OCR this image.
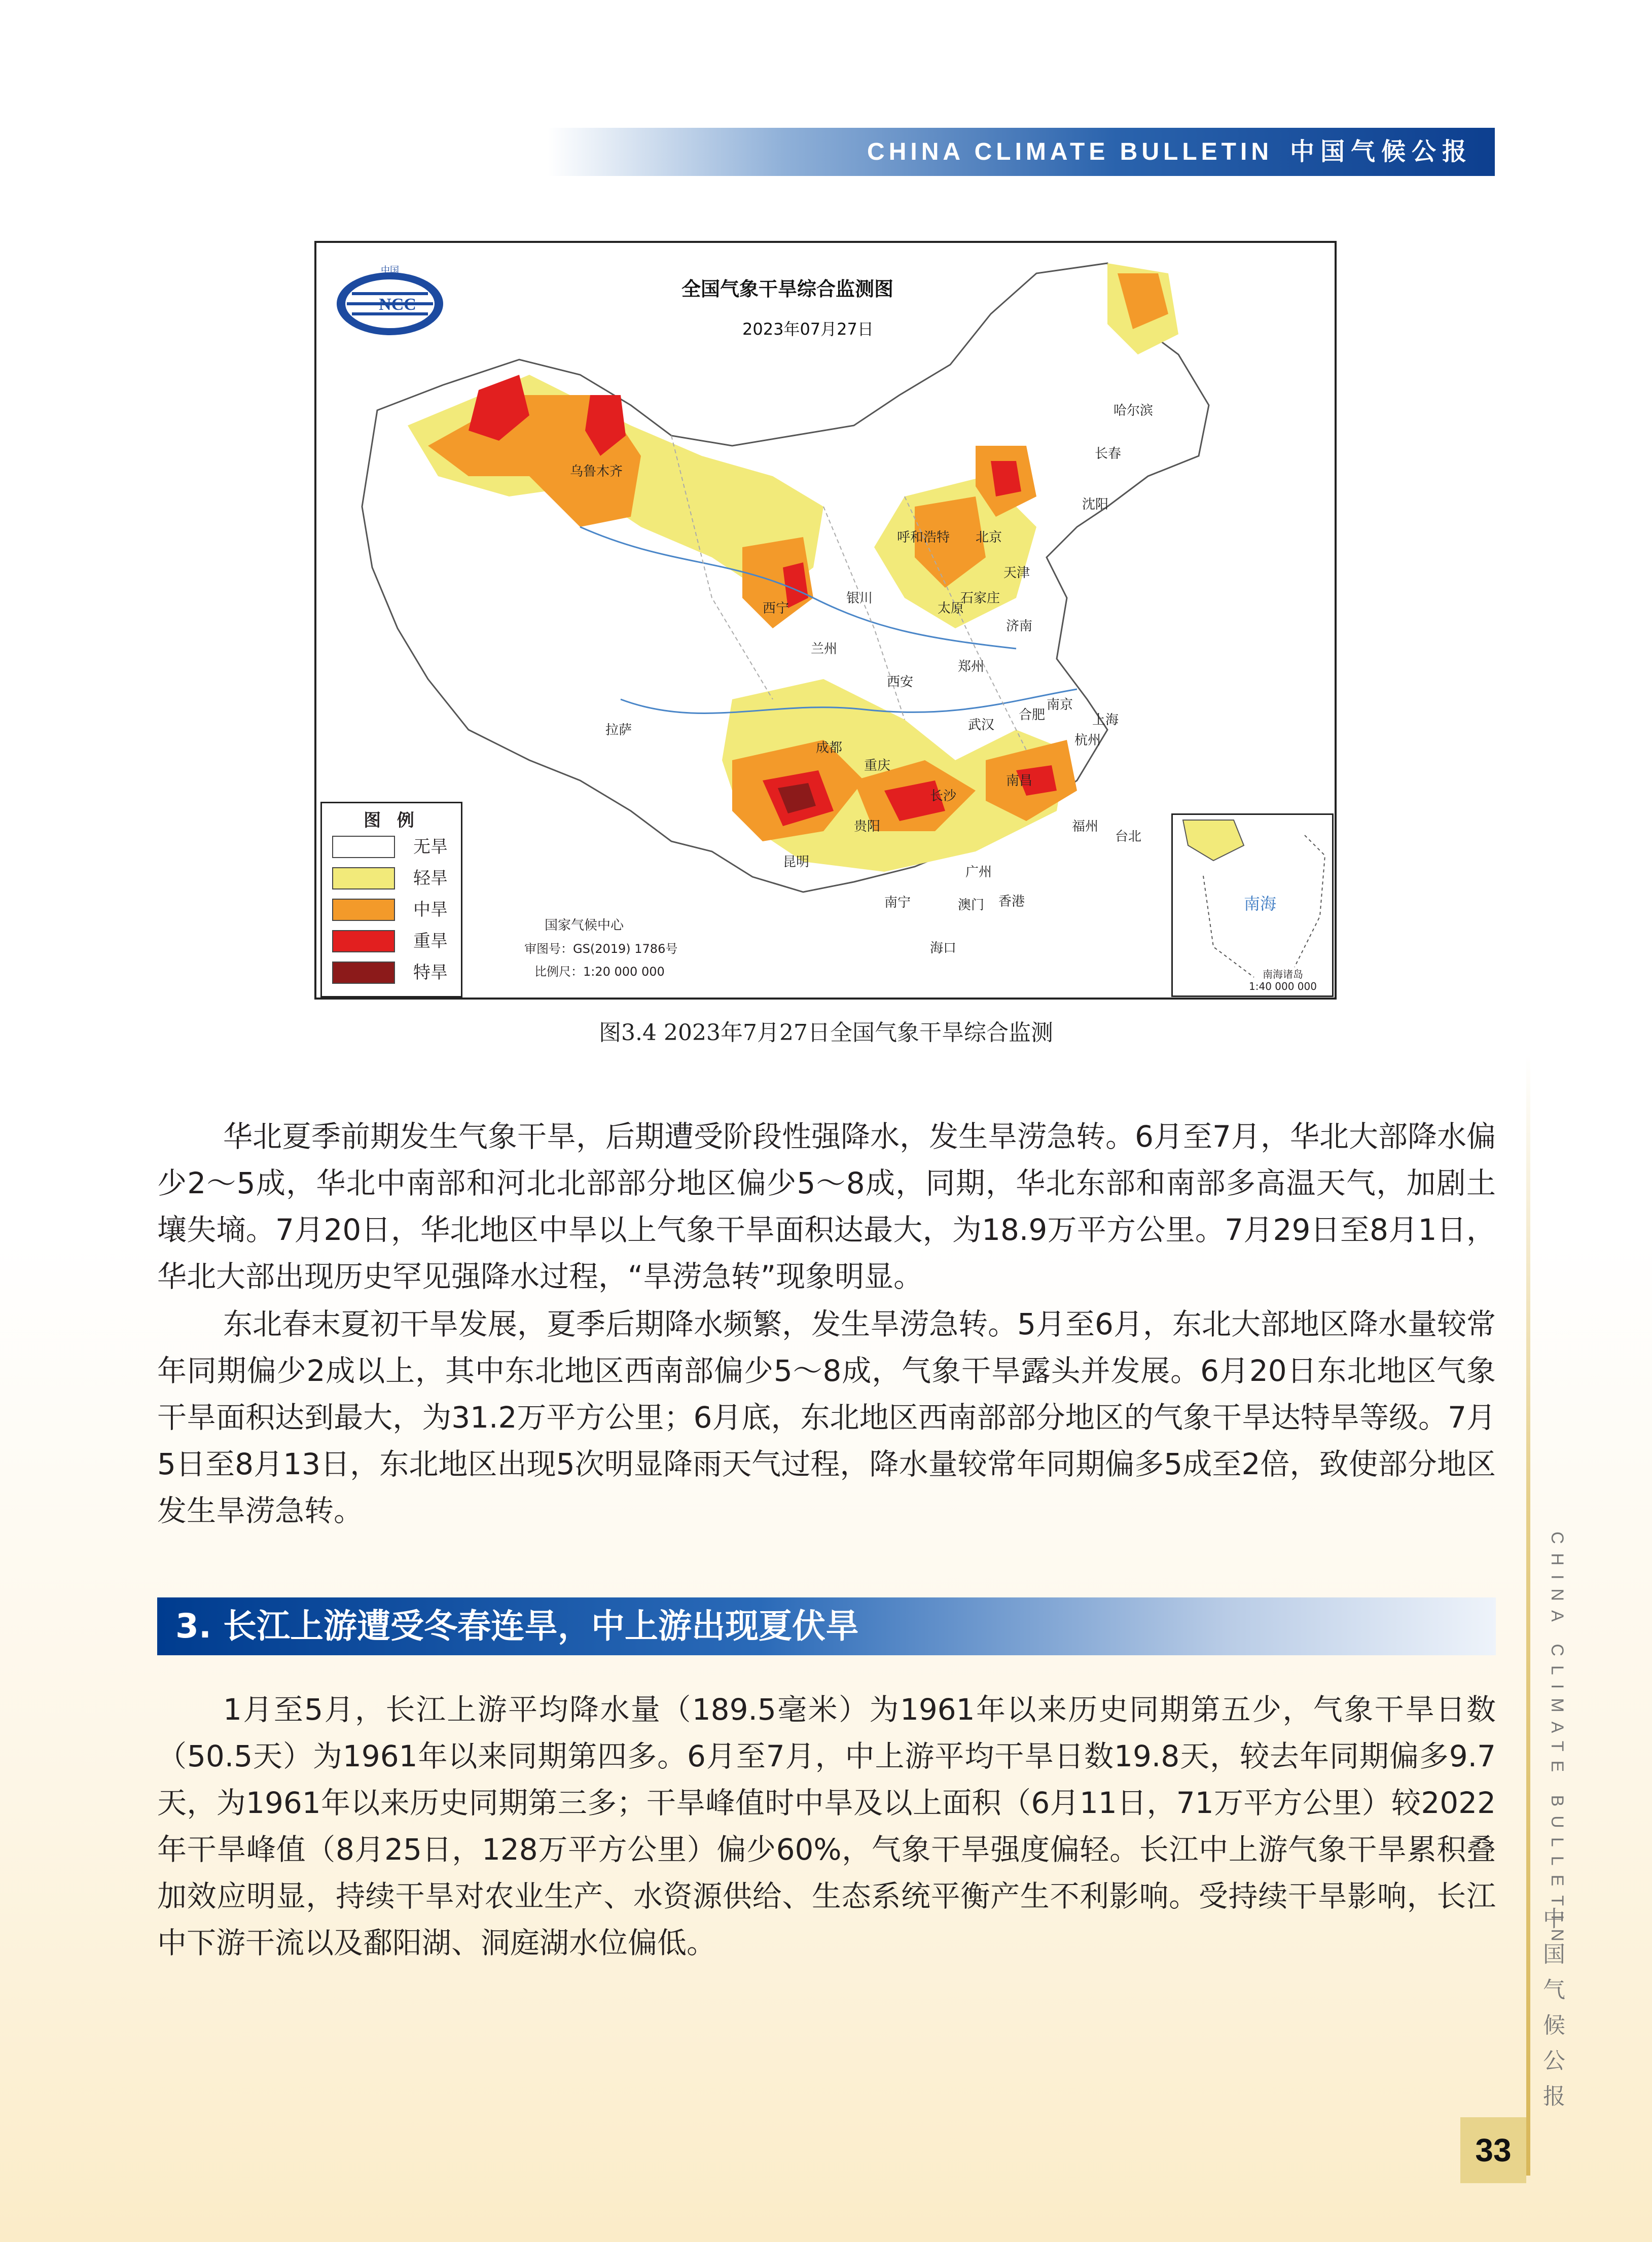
CHINA CLIMATE BULLETIN 中国气候公报
中国
NCC
全国气象干旱综合监测图
2023年07月27日
哈尔滨
长春
沈阳
呼和浩特 北京
天津
石家庄
济南
太原
银川
西宁
兰州
郑州
西安
南京
合肥	上海
武汉
杭州
成都
重庆
长沙
南昌
福州
台北
贵阳
昆明
广州
南宁	香港
澳门
海口
拉萨
乌鲁木齐
图 例
无旱
轻旱
中旱
重旱
特旱
国家气候中心
审图号：GS(2019) 1786号
比例尺：1:20 000 000
南海
南海诸岛
1:40 000 000
图3.4 2023年7月27日全国气象干旱综合监测
华北夏季前期发生气象干旱，后期遭受阶段性强降水，发生旱涝急转。6月至7月，华北大部降水偏少2～5成，华北中南部和河北北部部分地区偏少5～8成，同期，华北东部和南部多高温天气，加剧土壤失墒。7月20日，华北地区中旱以上气象干旱面积达最大，为18.9万平方公里。7月29日至8月1日，华北大部出现历史罕见强降水过程，“旱涝急转”现象明显。
东北春末夏初干旱发展，夏季后期降水频繁，发生旱涝急转。5月至6月，东北大部地区降水量较常年同期偏少2成以上，其中东北地区西南部偏少5～8成，气象干旱露头并发展。6月20日东北地区气象干旱面积达到最大，为31.2万平方公里；6月底，东北地区西南部部分地区的气象干旱达特旱等级。7月5日至8月13日，东北地区出现5次明显降雨天气过程，降水量较常年同期偏多5成至2倍，致使部分地区发生旱涝急转。
3. 长江上游遭受冬春连旱，中上游出现夏伏旱
1月至5月，长江上游平均降水量（189.5毫米）为1961年以来历史同期第五少，气象干旱日数（50.5天）为1961年以来同期第四多。6月至7月，中上游平均干旱日数19.8天，较去年同期偏多9.7天，为1961年以来历史同期第三多；干旱峰值时中旱及以上面积（6月11日，71万平方公里）较2022年干旱峰值（8月25日，128万平方公里）偏少60%，气象干旱强度偏轻。长江中上游气象干旱累积叠加效应明显，持续干旱对农业生产、水资源供给、生态系统平衡产生不利影响。受持续干旱影响，长江中下游干流以及鄱阳湖、洞庭湖水位偏低。	CHINA CLIMATE BULLETIN
中国气候公报
33
